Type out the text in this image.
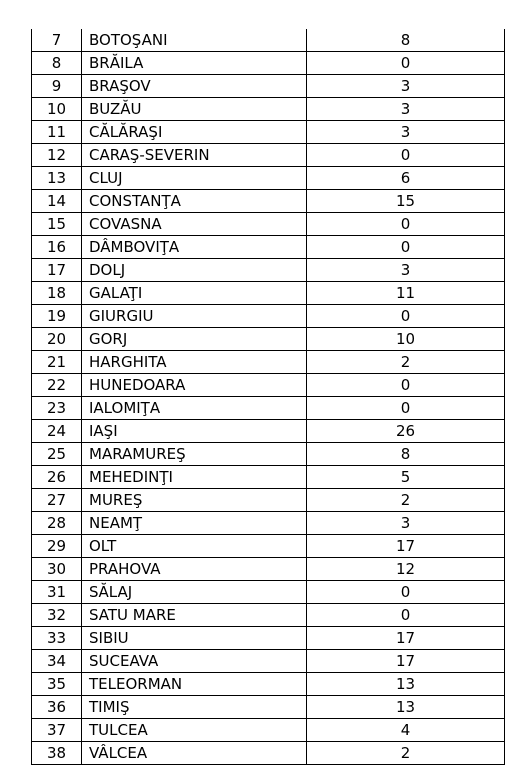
7	BOTOŞANI	8
8	BRĂILA	0
9	BRAŞOV	3
10	BUZĂU	3
11	CĂLĂRAŞI	3
12	CARAŞ-SEVERIN	0
13	CLUJ	6
14	CONSTANŢA	15
15	COVASNA	0
16	DÂMBOVIŢA	0
17	DOLJ	3
18	GALAŢI	11
19	GIURGIU	0
20	GORJ	10
21	HARGHITA	2
22	HUNEDOARA	0
23	IALOMIŢA	0
24	IAŞI	26
25	MARAMUREŞ	8
26	MEHEDINŢI	5
27	MUREŞ	2
28	NEAMŢ	3
29	OLT	17
30	PRAHOVA	12
31	SĂLAJ	0
32	SATU MARE	0
33	SIBIU	17
34	SUCEAVA	17
35	TELEORMAN	13
36	TIMIŞ	13
37	TULCEA	4
38	VÂLCEA	2
